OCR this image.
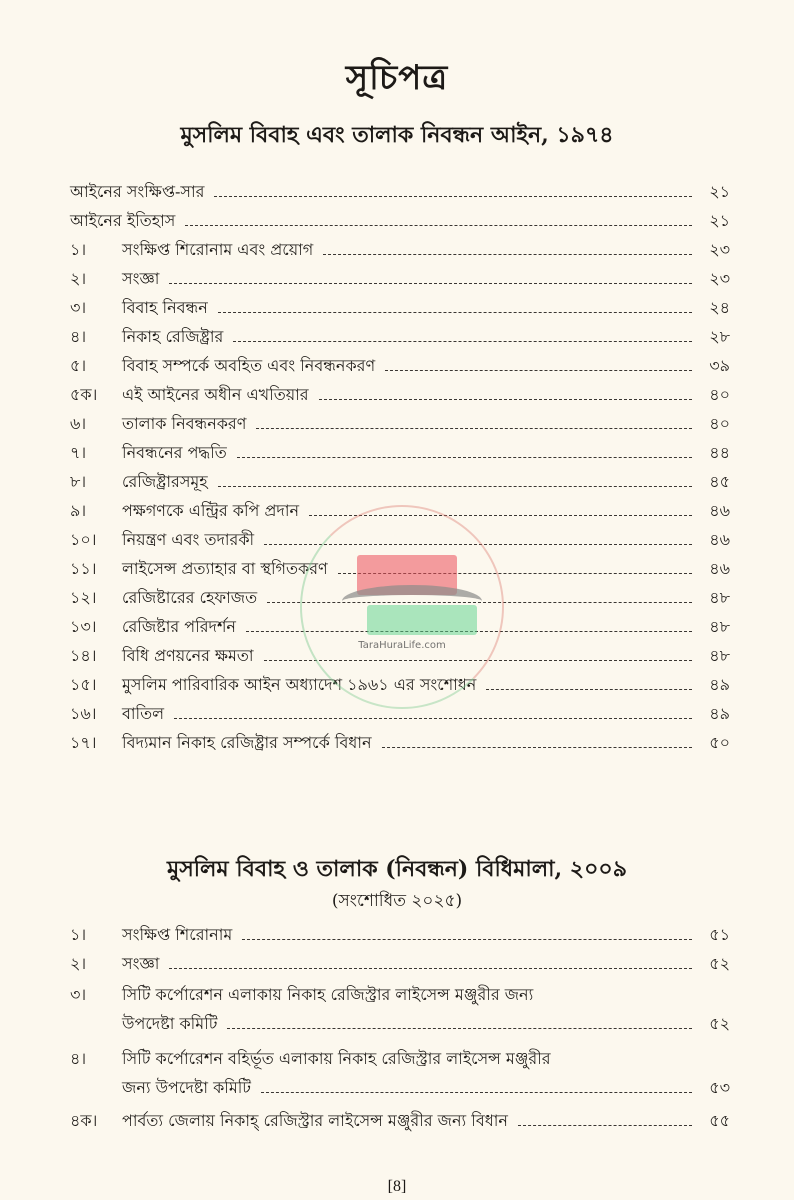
সূচিপত্র
মুসলিম বিবাহ এবং তালাক নিবন্ধন আইন, ১৯৭৪
আইনের সংক্ষিপ্ত-সার	২১
আইনের ইতিহাস	২১
১।	সংক্ষিপ্ত শিরোনাম এবং প্রয়োগ	২৩
২।	সংজ্ঞা	২৩
৩।	বিবাহ নিবন্ধন	২৪
৪।	নিকাহ রেজিষ্ট্রার	২৮
৫।	বিবাহ সম্পর্কে অবহিত এবং নিবন্ধনকরণ	৩৯
৫ক।	এই আইনের অধীন এখতিয়ার	৪০
৬।	তালাক নিবন্ধনকরণ	৪০
৭।	নিবন্ধনের পদ্ধতি	৪৪
৮।	রেজিষ্ট্রারসমূহ	৪৫
৯।	পক্ষগণকে এন্ট্রির কপি প্রদান	৪৬
১০।	নিয়ন্ত্রণ এবং তদারকী	৪৬
১১।	লাইসেন্স প্রত্যাহার বা স্থগিতকরণ	৪৬
১২।	রেজিষ্টারের হেফাজত	৪৮
১৩।	রেজিষ্টার পরিদর্শন	৪৮
১৪।	বিধি প্রণয়নের ক্ষমতা	৪৮
১৫।	মুসলিম পারিবারিক আইন অধ্যাদেশ ১৯৬১ এর সংশোধন	৪৯
১৬।	বাতিল	৪৯
১৭।	বিদ্যমান নিকাহ রেজিষ্ট্রার সম্পর্কে বিধান	৫০
মুসলিম বিবাহ ও তালাক (নিবন্ধন) বিধিমালা, ২০০৯
(সংশোধিত ২০২৫)
১।	সংক্ষিপ্ত শিরোনাম	৫১
২।	সংজ্ঞা	৫২
৩।	সিটি কর্পোরেশন এলাকায় নিকাহ রেজিস্ট্রার লাইসেন্স মঞ্জুরীর জন্য
উপদেষ্টা কমিটি	৫২
৪।	সিটি কর্পোরেশন বহির্ভূত এলাকায় নিকাহ রেজিস্ট্রার লাইসেন্স মঞ্জুরীর
জন্য উপদেষ্টা কমিটি	৫৩
৪ক।	পার্বত্য জেলায় নিকাহ্ রেজিস্ট্রার লাইসেন্স মঞ্জুরীর জন্য বিধান	৫৫
TaraHuraLife.com
[8]
